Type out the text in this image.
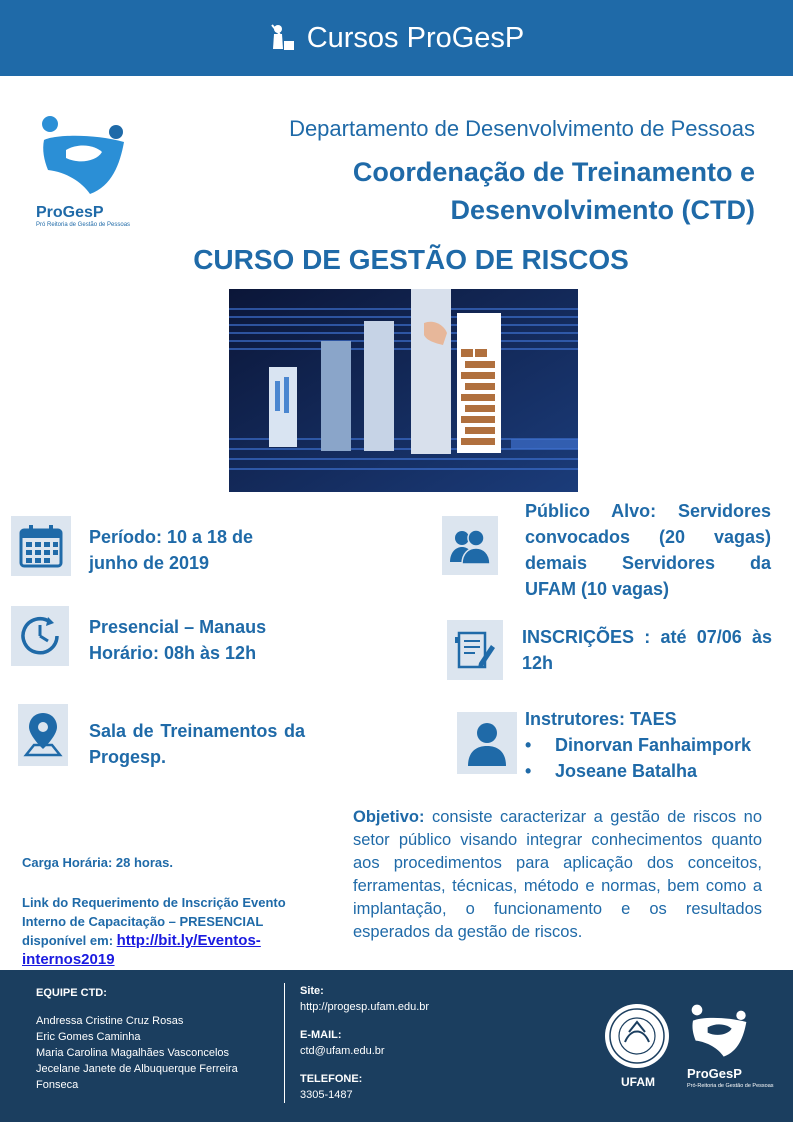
Cursos ProGesP
ProGesP
Pró Reitoria de Gestão de Pessoas
Departamento de Desenvolvimento de Pessoas
Coordenação de Treinamento e
Desenvolvimento (CTD)
CURSO DE GESTÃO DE RISCOS
Período: 10 a 18 de
junho de 2019
Presencial – Manaus
Horário: 08h às 12h
Sala de Treinamentos da
Progesp.
Público Alvo: Servidores
convocados (20 vagas)
demais Servidores da
UFAM (10 vagas)
INSCRIÇÕES : até 07/06 às
12h
Instrutores: TAES
•	Dinorvan Fanhaimpork
•	Joseane Batalha
Objetivo: consiste caracterizar a gestão de riscos no setor público visando integrar conhecimentos quanto aos procedimentos para aplicação dos conceitos, ferramentas, técnicas, método e normas, bem como a implantação, o funcionamento e os resultados esperados da gestão de riscos.
Carga Horária: 28 horas.
Link do Requerimento de Inscrição Evento
Interno de Capacitação – PRESENCIAL
disponível em: http://bit.ly/Eventos-internos2019
EQUIPE CTD:
Andressa Cristine Cruz Rosas
Eric Gomes Caminha
Maria Carolina Magalhães Vasconcelos
Jecelane Janete de Albuquerque Ferreira
Fonseca
Site:
http://progesp.ufam.edu.br
E-MAIL:
ctd@ufam.edu.br
TELEFONE:
3305-1487
UFAM
ProGesP
Pró-Reitoria de Gestão de Pessoas
